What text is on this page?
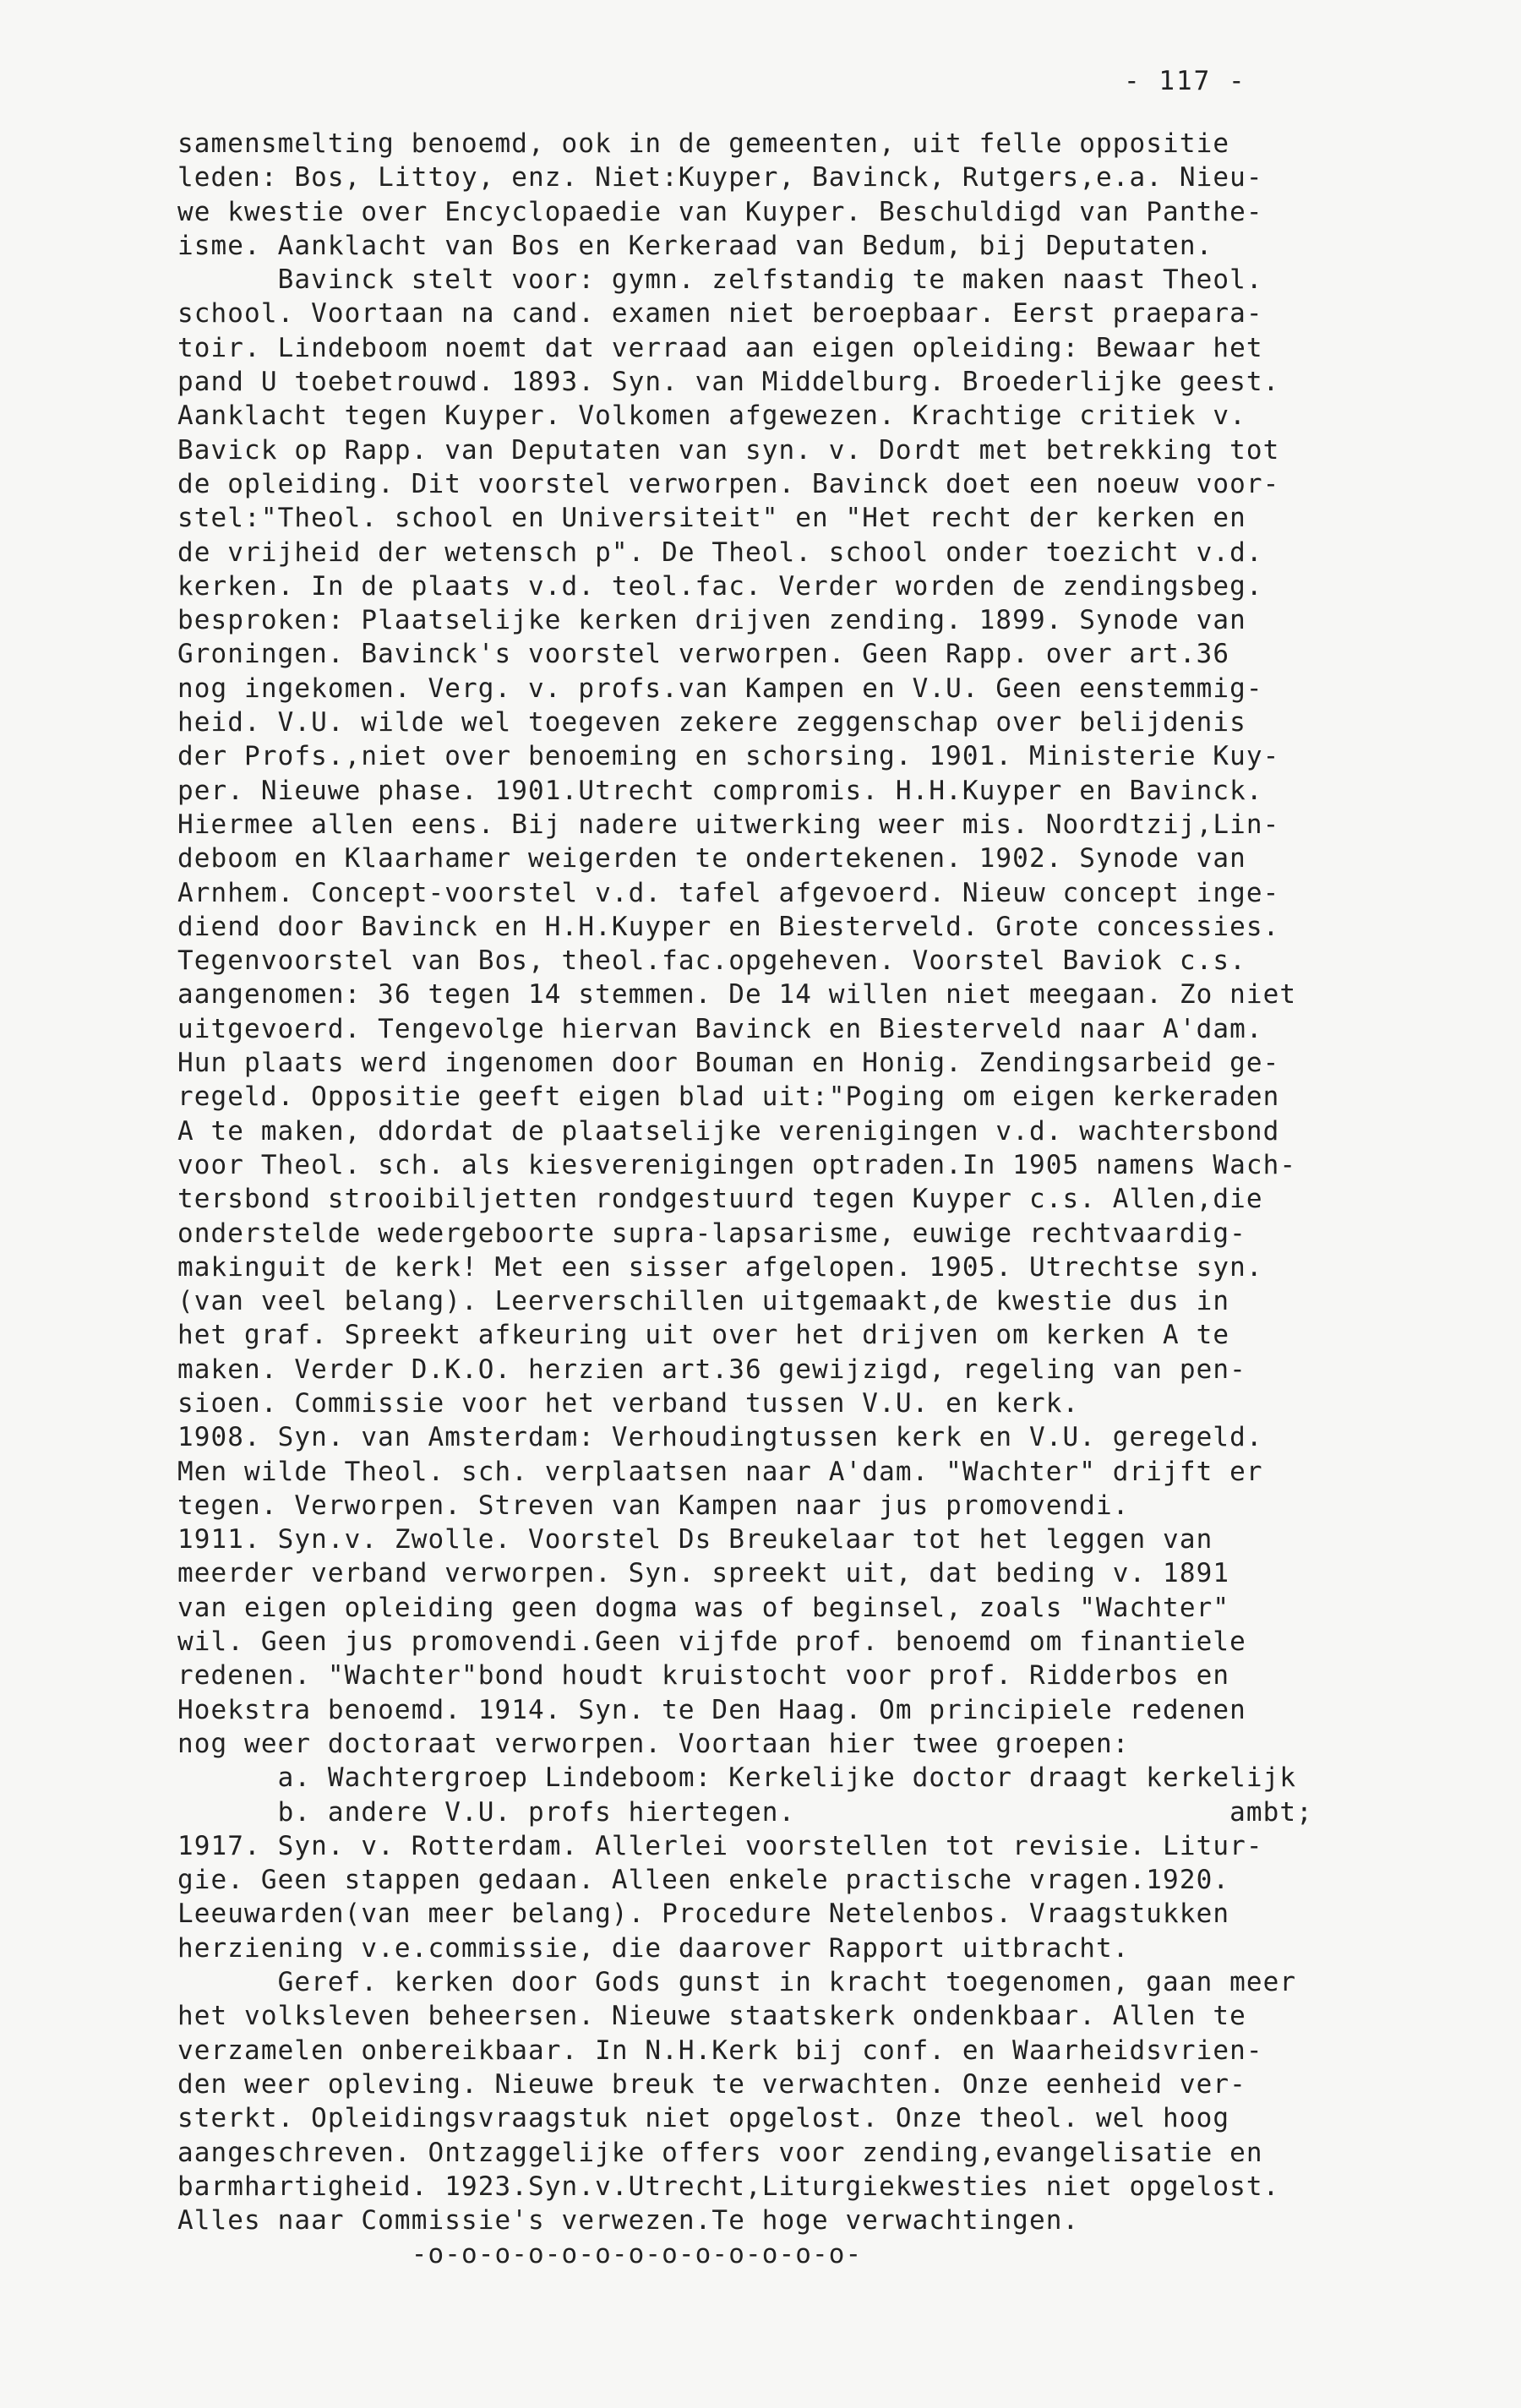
- 117 -
samensmelting benoemd, ook in de gemeenten, uit felle oppositie
leden: Bos, Littoy, enz. Niet:Kuyper, Bavinck, Rutgers,e.a. Nieu-
we kwestie over Encyclopaedie van Kuyper. Beschuldigd van Panthe-
isme. Aanklacht van Bos en Kerkeraad van Bedum, bij Deputaten.
Bavinck stelt voor: gymn. zelfstandig te maken naast Theol.
school. Voortaan na cand. examen niet beroepbaar. Eerst praepara-
toir. Lindeboom noemt dat verraad aan eigen opleiding: Bewaar het
pand U toebetrouwd. 1893. Syn. van Middelburg. Broederlijke geest.
Aanklacht tegen Kuyper. Volkomen afgewezen. Krachtige critiek v.
Bavick op Rapp. van Deputaten van syn. v. Dordt met betrekking tot
de opleiding. Dit voorstel verworpen. Bavinck doet een noeuw voor-
stel:"Theol. school en Universiteit" en "Het recht der kerken en
de vrijheid der wetensch p". De Theol. school onder toezicht v.d.
kerken. In de plaats v.d. teol.fac. Verder worden de zendingsbeg.
besproken: Plaatselijke kerken drijven zending. 1899. Synode van
Groningen. Bavinck's voorstel verworpen. Geen Rapp. over art.36
nog ingekomen. Verg. v. profs.van Kampen en V.U. Geen eenstemmig-
heid. V.U. wilde wel toegeven zekere zeggenschap over belijdenis
der Profs.,niet over benoeming en schorsing. 1901. Ministerie Kuy-
per. Nieuwe phase. 1901.Utrecht compromis. H.H.Kuyper en Bavinck.
Hiermee allen eens. Bij nadere uitwerking weer mis. Noordtzij,Lin-
deboom en Klaarhamer weigerden te ondertekenen. 1902. Synode van
Arnhem. Concept-voorstel v.d. tafel afgevoerd. Nieuw concept inge-
diend door Bavinck en H.H.Kuyper en Biesterveld. Grote concessies.
Tegenvoorstel van Bos, theol.fac.opgeheven. Voorstel Baviok c.s.
aangenomen: 36 tegen 14 stemmen. De 14 willen niet meegaan. Zo niet
uitgevoerd. Tengevolge hiervan Bavinck en Biesterveld naar A'dam.
Hun plaats werd ingenomen door Bouman en Honig. Zendingsarbeid ge-
regeld. Oppositie geeft eigen blad uit:"Poging om eigen kerkeraden
A te maken, ddordat de plaatselijke verenigingen v.d. wachtersbond
voor Theol. sch. als kiesverenigingen optraden.In 1905 namens Wach-
tersbond strooibiljetten rondgestuurd tegen Kuyper c.s. Allen,die
onderstelde wedergeboorte supra-lapsarisme, euwige rechtvaardig-
makinguit de kerk! Met een sisser afgelopen. 1905. Utrechtse syn.
(van veel belang). Leerverschillen uitgemaakt,de kwestie dus in
het graf. Spreekt afkeuring uit over het drijven om kerken A te
maken. Verder D.K.O. herzien art.36 gewijzigd, regeling van pen-
sioen. Commissie voor het verband tussen V.U. en kerk.
1908. Syn. van Amsterdam: Verhoudingtussen kerk en V.U. geregeld.
Men wilde Theol. sch. verplaatsen naar A'dam. "Wachter" drijft er
tegen. Verworpen. Streven van Kampen naar jus promovendi.
1911. Syn.v. Zwolle. Voorstel Ds Breukelaar tot het leggen van
meerder verband verworpen. Syn. spreekt uit, dat beding v. 1891
van eigen opleiding geen dogma was of beginsel, zoals "Wachter"
wil. Geen jus promovendi.Geen vijfde prof. benoemd om finantiele
redenen. "Wachter"bond houdt kruistocht voor prof. Ridderbos en
Hoekstra benoemd. 1914. Syn. te Den Haag. Om principiele redenen
nog weer doctoraat verworpen. Voortaan hier twee groepen:
a. Wachtergroep Lindeboom: Kerkelijke doctor draagt kerkelijk
b. andere V.U. profs hiertegen.                          ambt;
1917. Syn. v. Rotterdam. Allerlei voorstellen tot revisie. Litur-
gie. Geen stappen gedaan. Alleen enkele practische vragen.1920.
Leeuwarden(van meer belang). Procedure Netelenbos. Vraagstukken
herziening v.e.commissie, die daarover Rapport uitbracht.
Geref. kerken door Gods gunst in kracht toegenomen, gaan meer
het volksleven beheersen. Nieuwe staatskerk ondenkbaar. Allen te
verzamelen onbereikbaar. In N.H.Kerk bij conf. en Waarheidsvrien-
den weer opleving. Nieuwe breuk te verwachten. Onze eenheid ver-
sterkt. Opleidingsvraagstuk niet opgelost. Onze theol. wel hoog
aangeschreven. Ontzaggelijke offers voor zending,evangelisatie en
barmhartigheid. 1923.Syn.v.Utrecht,Liturgiekwesties niet opgelost.
Alles naar Commissie's verwezen.Te hoge verwachtingen.
-o-o-o-o-o-o-o-o-o-o-o-o-o-
